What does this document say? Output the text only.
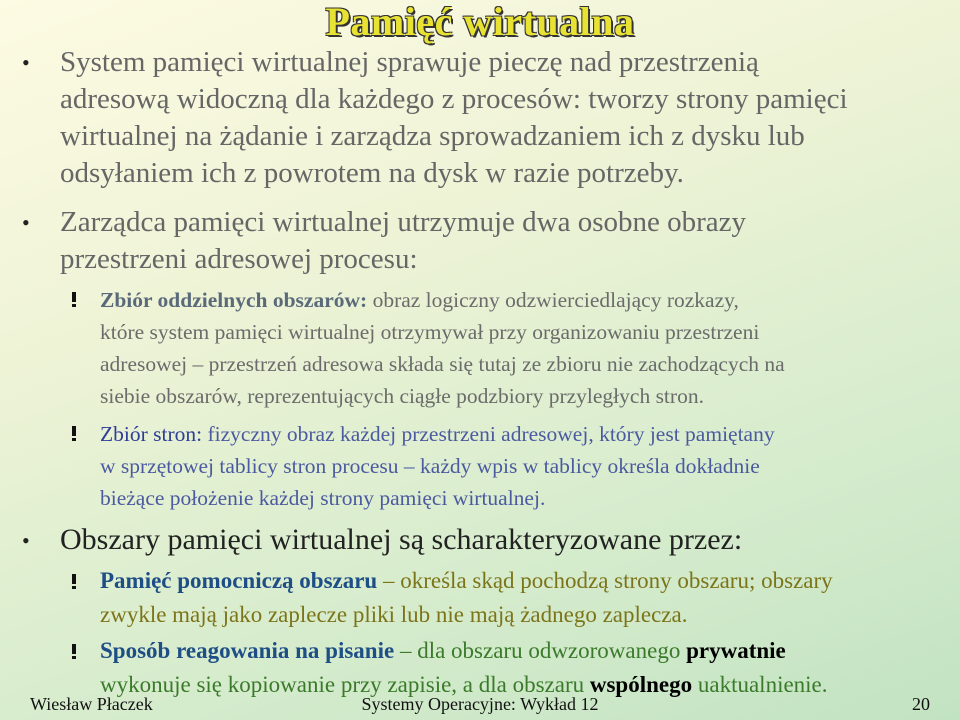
Pamięć wirtualna
• System pamięci wirtualnej sprawuje pieczę nad przestrzenią
adresową widoczną dla każdego z procesów: tworzy strony pamięci
wirtualnej na żądanie i zarządza sprowadzaniem ich z dysku lub
odsyłaniem ich z powrotem na dysk w razie potrzeby.
• Zarządca pamięci wirtualnej utrzymuje dwa osobne obrazy
przestrzeni adresowej procesu:
Zbiór oddzielnych obszarów: obraz logiczny odzwierciedlający rozkazy,
które system pamięci wirtualnej otrzymywał przy organizowaniu przestrzeni
adresowej – przestrzeń adresowa składa się tutaj ze zbioru nie zachodzących na
siebie obszarów, reprezentujących ciągłe podzbiory przyległych stron.
Zbiór stron: fizyczny obraz każdej przestrzeni adresowej, który jest pamiętany
w sprzętowej tablicy stron procesu – każdy wpis w tablicy określa dokładnie
bieżące położenie każdej strony pamięci wirtualnej.
• Obszary pamięci wirtualnej są scharakteryzowane przez:
Pamięć pomocniczą obszaru – określa skąd pochodzą strony obszaru; obszary
zwykle mają jako zaplecze pliki lub nie mają żadnego zaplecza.
Sposób reagowania na pisanie – dla obszaru odwzorowanego prywatnie
wykonuje się kopiowanie przy zapisie, a dla obszaru wspólnego uaktualnienie.
Wiesław Płaczek	Systemy Operacyjne: Wykład 12	20
